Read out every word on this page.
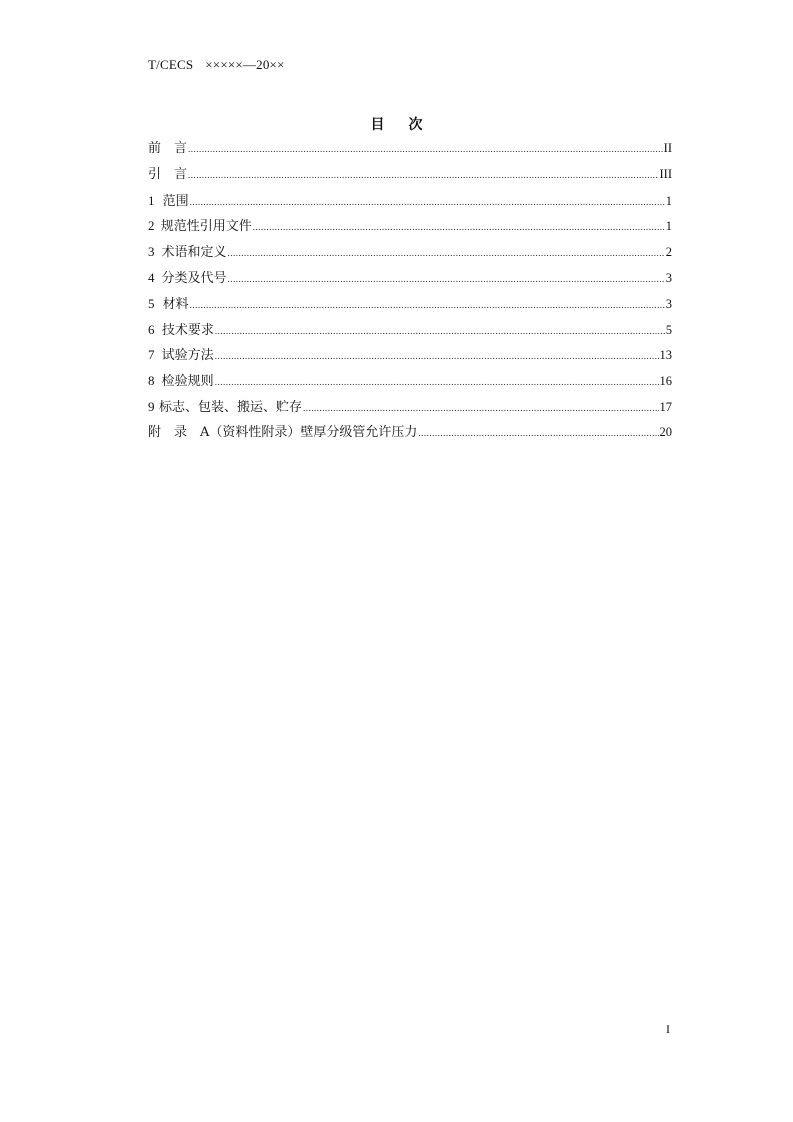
T/CECS ×××××—20××
目 次
前　言 .....	II
引　言 .....	III
1 范围 .....	1
2 规范性引用文件 .....	1
3 术语和定义 .....	2
4 分类及代号 .....	3
5 材料 .....	3
6 技术要求 .....	5
7 试验方法 .....	13
8 检验规则 .....	16
9 标志、包装、搬运、贮存 .....	17
附　录　A（资料性附录）壁厚分级管允许压力 .....	20
I
